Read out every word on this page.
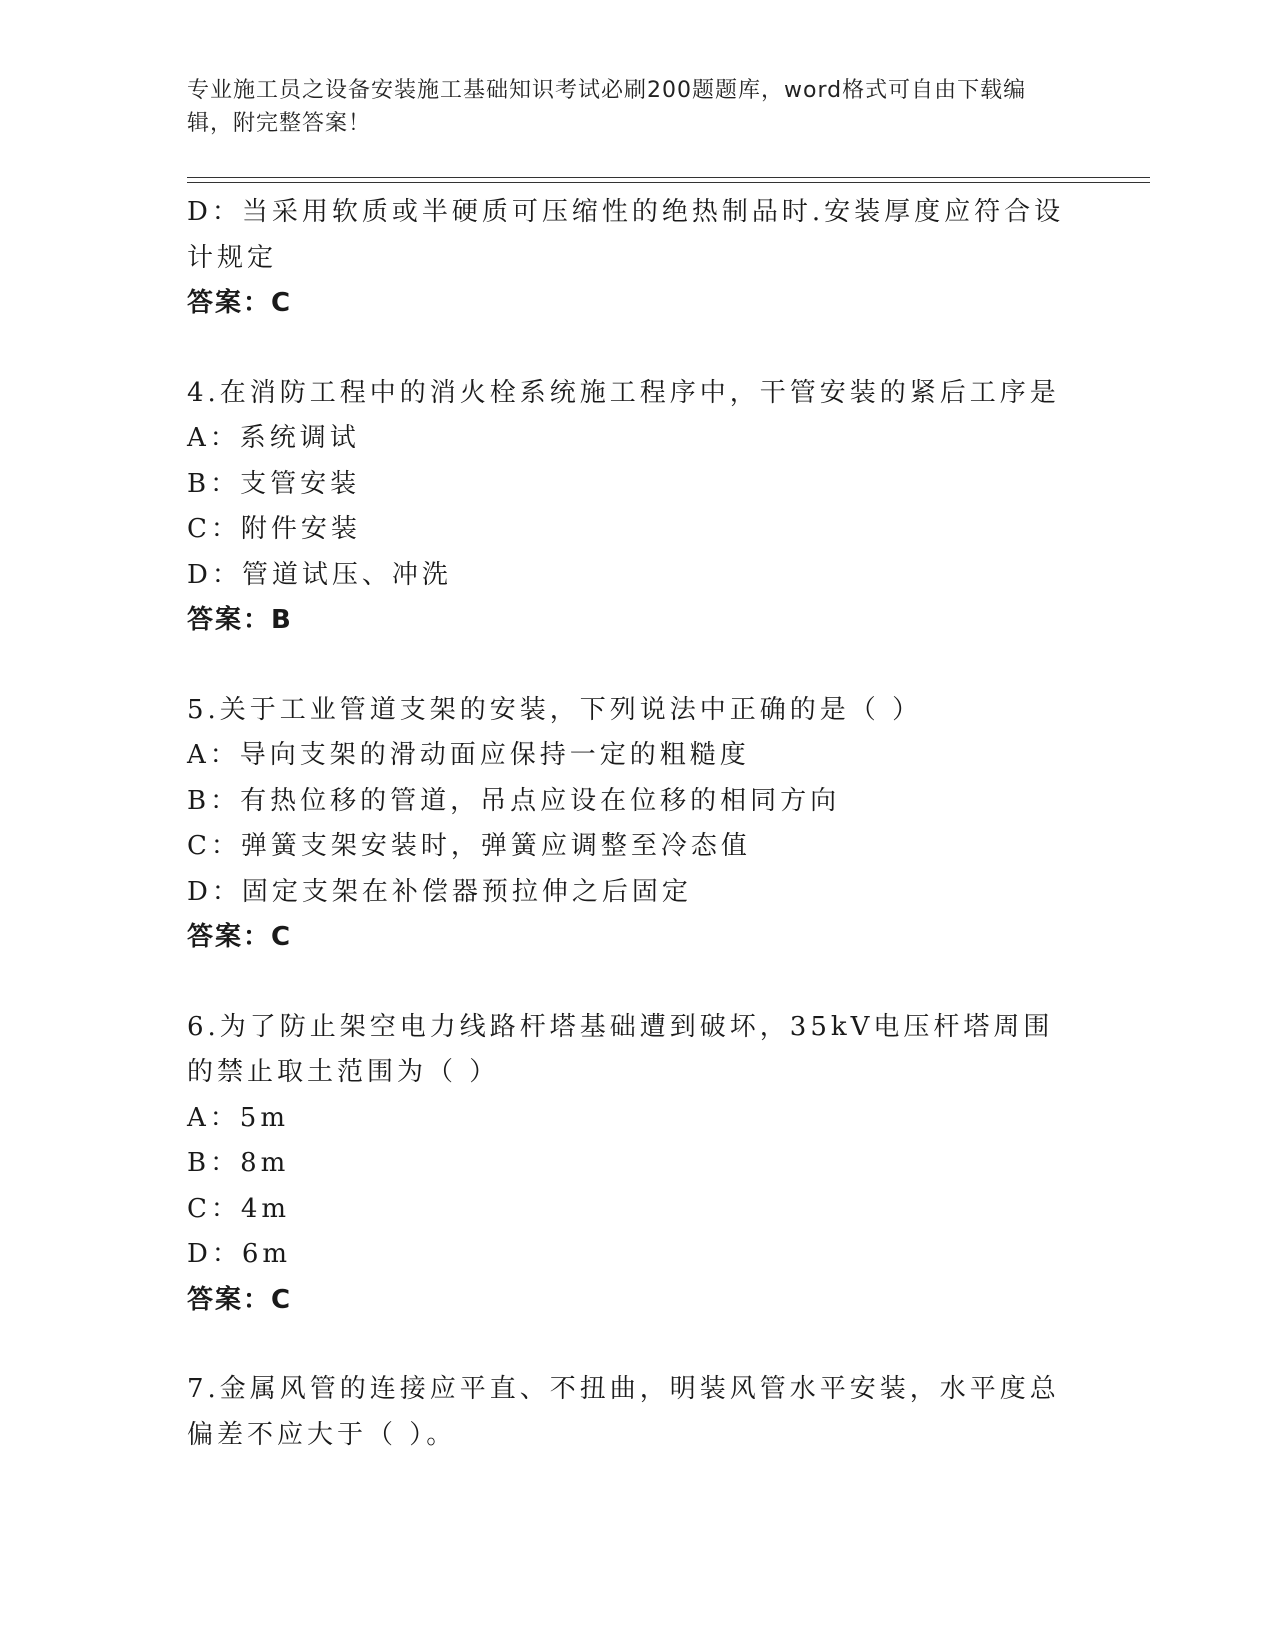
专业施工员之设备安装施工基础知识考试必刷200题题库，word格式可自由下载编辑，附完整答案！
D：当采用软质或半硬质可压缩性的绝热制品时.安装厚度应符合设计规定
答案：C
4.在消防工程中的消火栓系统施工程序中，干管安装的紧后工序是
A：系统调试
B：支管安装
C：附件安装
D：管道试压、冲洗
答案：B
5.关于工业管道支架的安装，下列说法中正确的是（ ）
A：导向支架的滑动面应保持一定的粗糙度
B：有热位移的管道，吊点应设在位移的相同方向
C：弹簧支架安装时，弹簧应调整至冷态值
D：固定支架在补偿器预拉伸之后固定
答案：C
6.为了防止架空电力线路杆塔基础遭到破坏，35kV电压杆塔周围的禁止取土范围为（ ）
A：5m
B：8m
C：4m
D：6m
答案：C
7.金属风管的连接应平直、不扭曲，明装风管水平安装，水平度总偏差不应大于（ ）。
